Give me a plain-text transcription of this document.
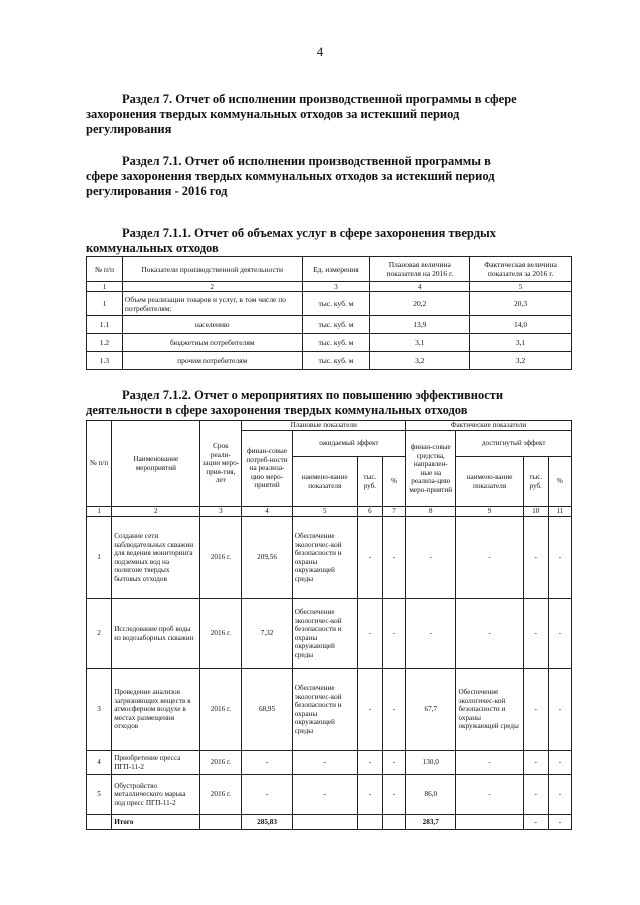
4
Раздел 7. Отчет об исполнении производственной программы в сфере
захоронения твердых коммунальных отходов за истекший период
регулирования
Раздел 7.1. Отчет об исполнении производственной программы в
сфере захоронения твердых коммунальных отходов за истекший период
регулирования - 2016 год
Раздел 7.1.1. Отчет об объемах услуг в сфере захоронения твердых
коммунальных отходов
№ п/п	Показатели производственной деятельности	Ед. измерения	Плановая величина показателя на 2016 г.	Фактическая величина показателя за 2016 г.
1	2	3	4	5
1	Объем реализации товаров и услуг, в том числе по потребителям:	тыс. куб. м	20,2	20,3
1.1	населению	тыс. куб. м	13,9	14,0
1.2	бюджетным потребителям	тыс. куб. м	3,1	3,1
1.3	прочим потребителям	тыс. куб. м	3,2	3,2
Раздел 7.1.2. Отчет о мероприятиях по повышению эффективности
деятельности в сфере захоронения твердых коммунальных отходов
№ п/п	Наименование мероприятий	Срок реали-зации меро-прия-тия, лет	Плановые показатели				Фактические показатели			
			финан-совые потреб-ности на реализа-цию меро-приятий	ожидаемый эффект			финан-совые средства, направлен-ные на реализа-цию меро-приятий	достигнутый эффект		
				наимено-вание показателя	тыс. руб.	%		наимено-вание показателя	тыс. руб.	%
1	2	3	4	5	6	7	8	9	10	11
1	Создание сети наблюдательных скважин для ведения мониторинга подземных вод на полигоне твердых бытовых отходов	2016 г.	209,56	Обеспечение экологичес-кой безопасности и охраны окружающей среды	-	-	-	-	-	-
2	Исследование проб воды из водозаборных скважин	2016 г.	7,32	Обеспечение экологичес-кой безопасности и охраны окружающей среды	-	-	-	-	-	-
3	Проведение анализов загрязняющих веществ в атмосферном воздухе в местах размещения отходов	2016 г.	68,95	Обеспечение экологичес-кой безопасности и охраны окружающей среды	-	-	67,7	Обеспечение экологичес-кой безопасности и охраны окружающей среды	-	-
4	Приобретение пресса ПГП-11-2	2016 г.	-	-	-	-	130,0	-	-	-
5	Обустройство металлического марька под пресс ПГП-11-2	2016 г.	-	-	-	-	86,0	-	-	-
	Итого		285,83				283,7		-	-
